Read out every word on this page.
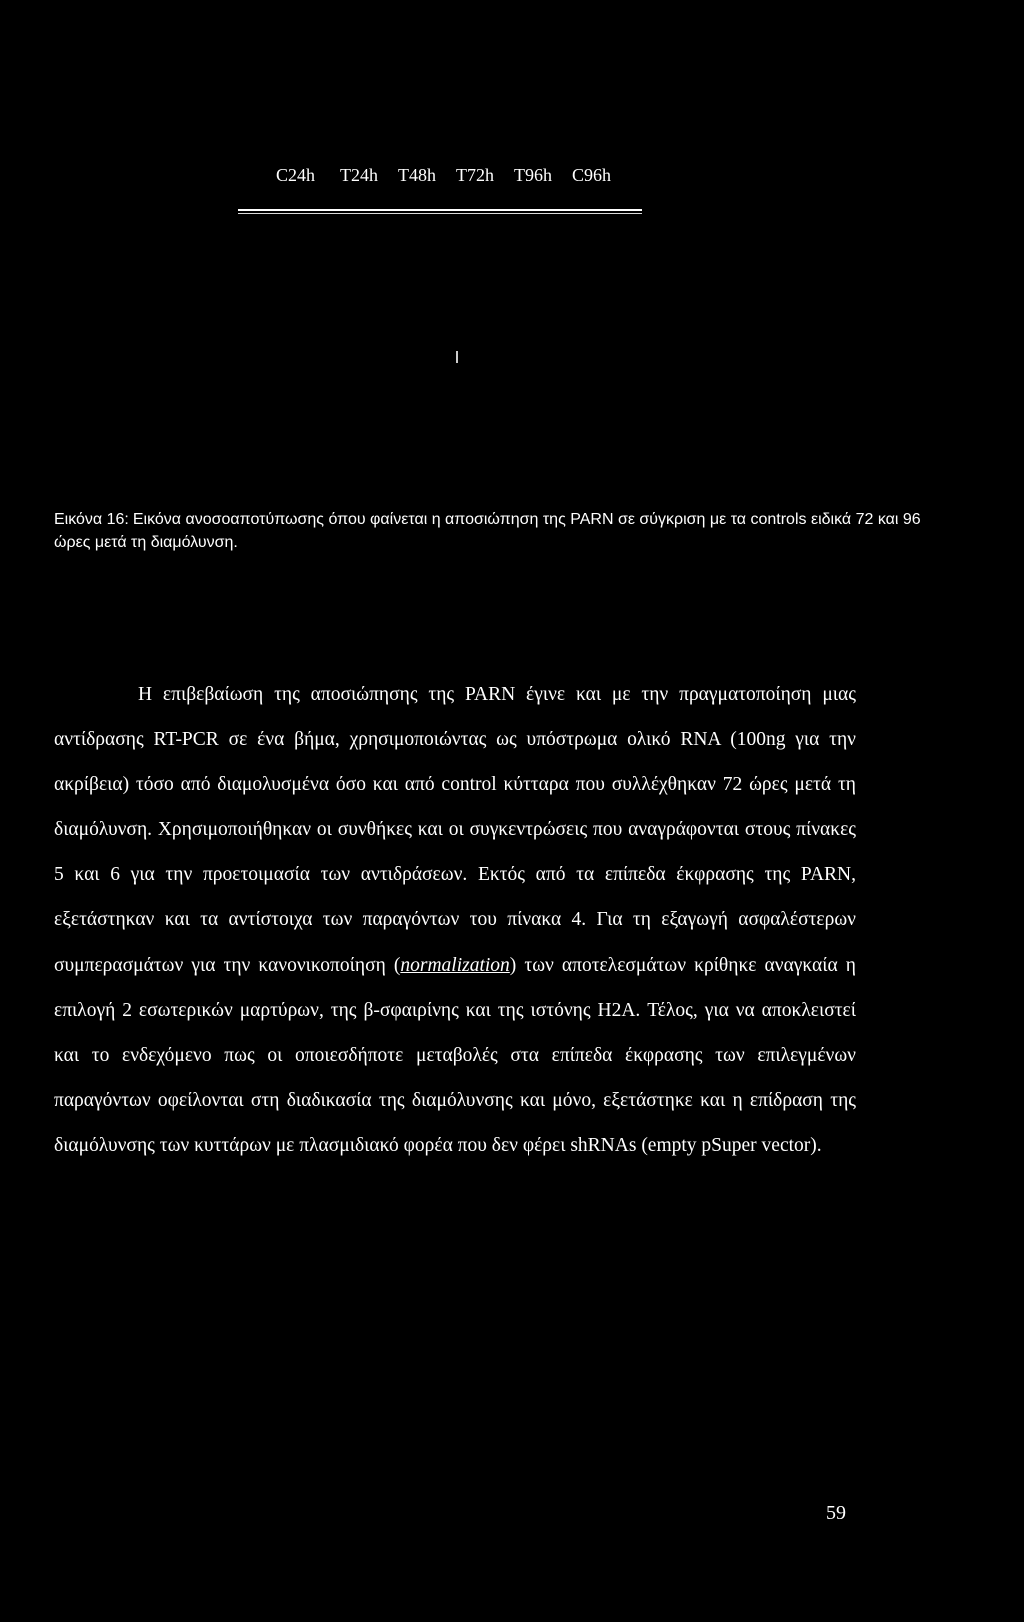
C24h T24h T48h T72h T96h C96h
Εικόνα 16: Εικόνα ανοσοαποτύπωσης όπου φαίνεται η αποσιώπηση της PARN σε σύγκριση με τα controls ειδικά 72 και 96 ώρες μετά τη διαμόλυνση.

Η επιβεβαίωση της αποσιώπησης της PARN έγινε και με την πραγματοποίηση μιας αντίδρασης RT-PCR σε ένα βήμα, χρησιμοποιώντας ως υπόστρωμα ολικό RNA (100ng για την ακρίβεια) τόσο από διαμολυσμένα όσο και από control κύτταρα που συλλέχθηκαν 72 ώρες μετά τη διαμόλυνση. Χρησιμοποιήθηκαν οι συνθήκες και οι συγκεντρώσεις που αναγράφονται στους πίνακες 5 και 6 για την προετοιμασία των αντιδράσεων. Εκτός από τα επίπεδα έκφρασης της PARN, εξετάστηκαν και τα αντίστοιχα των παραγόντων του πίνακα 4. Για τη εξαγωγή ασφαλέστερων συμπερασμάτων για την κανονικοποίηση (normalization) των αποτελεσμάτων κρίθηκε αναγκαία η επιλογή 2 εσωτερικών μαρτύρων, της β-σφαιρίνης και της ιστόνης H2A. Τέλος, για να αποκλειστεί και το ενδεχόμενο πως οι οποιεσδήποτε μεταβολές στα επίπεδα έκφρασης των επιλεγμένων παραγόντων οφείλονται στη διαδικασία της διαμόλυνσης και μόνο, εξετάστηκε και η επίδραση της διαμόλυνσης των κυττάρων με πλασμιδιακό φορέα που δεν φέρει shRNAs (empty pSuper vector).

59
